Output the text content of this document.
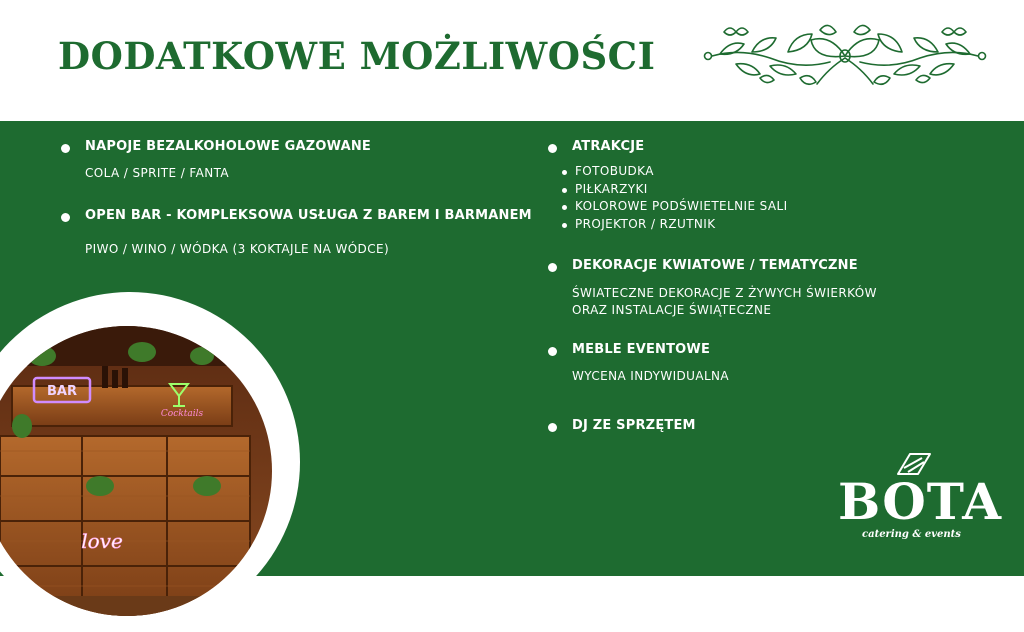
DODATKOWE MOŻLIWOŚCI
NAPOJE BEZALKOHOLOWE GAZOWANE
COLA / SPRITE / FANTA
OPEN BAR - KOMPLEKSOWA USŁUGA Z BAREM I BARMANEM
PIWO / WINO / WÓDKA (3 KOKTAJLE NA WÓDCE)
ATRAKCJE
FOTOBUDKA
PIŁKARZYKI
KOLOROWE PODŚWIETELNIE SALI
PROJEKTOR / RZUTNIK
DEKORACJE KWIATOWE / TEMATYCZNE
ŚWIATECZNE DEKORACJE Z ŻYWYCH ŚWIERKÓW
ORAZ INSTALACJE ŚWIĄTECZNE
MEBLE EVENTOWE
WYCENA INDYWIDUALNA
DJ ZE SPRZĘTEM
BAR
Cocktails
love
BOTA
catering & events
